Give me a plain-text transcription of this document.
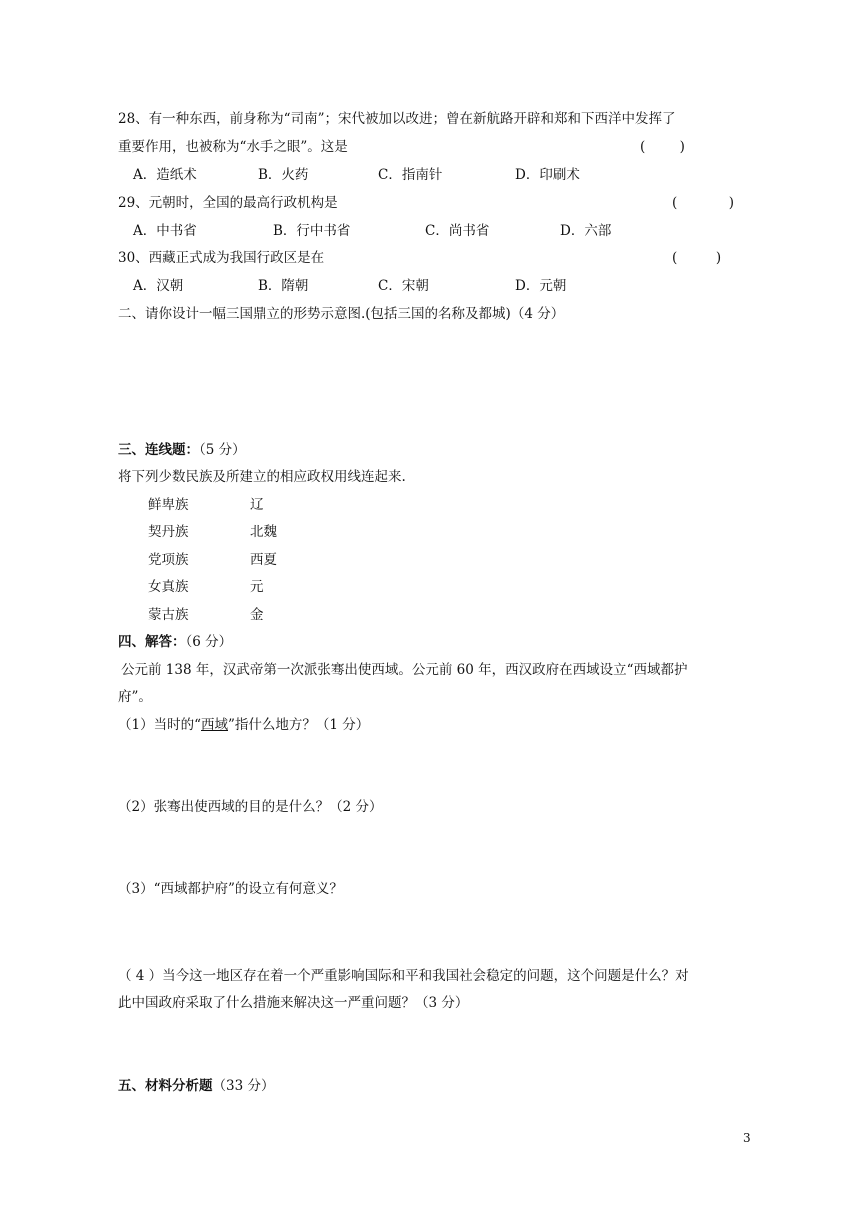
28、有一种东西，前身称为“司南”；宋代被加以改进；曾在新航路开辟和郑和下西洋中发挥了
重要作用，也被称为“水手之眼”。这是	(        )
A．造纸术	B．火药	C．指南针	D．印刷术
29、元朝时，全国的最高行政机构是	(            )
A．中书省	B．行中书省	C．尚书省	D．六部
30、西藏正式成为我国行政区是在	(         )
A．汉朝	B．隋朝	C．宋朝	D．元朝
二、请你设计一幅三国鼎立的形势示意图.(包括三国的名称及都城)（4 分）
三、连线题：（5 分）
将下列少数民族及所建立的相应政权用线连起来.
鲜卑族	辽
契丹族	北魏
党项族	西夏
女真族	元
蒙古族	金
四、解答：（6 分）
公元前 138 年，汉武帝第一次派张骞出使西域。公元前 60 年，西汉政府在西域设立“西域都护
府”。
（1）当时的“西域”指什么地方？（1 分）
（2）张骞出使西域的目的是什么？（2 分）
（3）“西域都护府”的设立有何意义？
（ 4 ）当今这一地区存在着一个严重影响国际和平和我国社会稳定的问题，这个问题是什么？对
此中国政府采取了什么措施来解决这一严重问题？（3 分）
五、材料分析题（33 分）
3
